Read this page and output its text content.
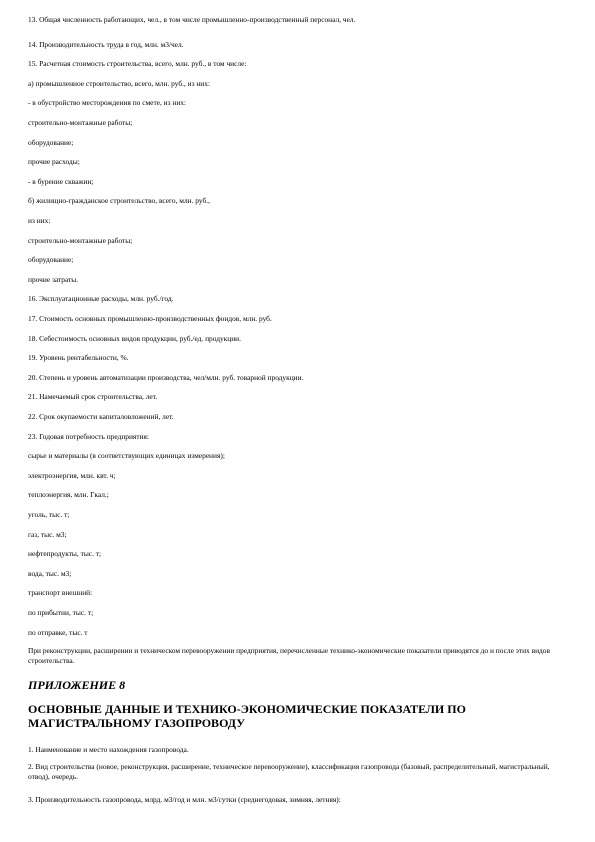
13. Общая численность работающих, чел., в том числе промышленно-производственный персонал, чел.
14. Производительность труда в год, млн. м3/чел.
15. Расчетная стоимость строительства, всего, млн. руб., в том числе:
а) промышленное строительство, всего, млн. руб., из них:
- в обустройство месторождения по смете, из них:
строительно-монтажные работы;
оборудование;
прочие расходы;
- в бурение скважин;
б) жилищно-гражданское строительство, всего, млн. руб.,
из них:
строительно-монтажные работы;
оборудование;
прочие затраты.
16. Эксплуатационные расходы, млн. руб./год.
17. Стоимость основных промышленно-производственных фондов, млн. руб.
18. Себестоимость основных видов продукции, руб./ед. продукции.
19. Уровень рентабельности, %.
20. Степень и уровень автоматизации производства, чел/млн. руб. товарной продукции.
21. Намечаемый срок строительства, лет.
22. Срок окупаемости капиталовложений, лет.
23. Годовая потребность предприятия:
сырье и материалы (в соответствующих единицах измерения);
электроэнергия, млн. квт. ч;
теплоэнергия, млн. Гкал.;
уголь, тыс. т;
газ, тыс. м3;
нефтепродукты, тыс. т;
вода, тыс. м3;
транспорт внешний:
по прибытии, тыс. т;
по отправке, тыс. т
При реконструкции, расширении и техническом перевооружении предприятия, перечисленные технико-экономические показатели приводятся до и после этих видов строительства.
ПРИЛОЖЕНИЕ 8
ОСНОВНЫЕ ДАННЫЕ И ТЕХНИКО-ЭКОНОМИЧЕСКИЕ ПОКАЗАТЕЛИ ПО МАГИСТРАЛЬНОМУ ГАЗОПРОВОДУ
1. Наименование и место нахождения газопровода.
2. Вид строительства (новое, реконструкция, расширение, техническое перевооружение), классификация газопровода (базовый, распределительный, магистральный, отвод), очередь.
3. Производительность газопровода, млрд. м3/год и млн. м3/сутки (среднегодовая, зимняя, летняя):
